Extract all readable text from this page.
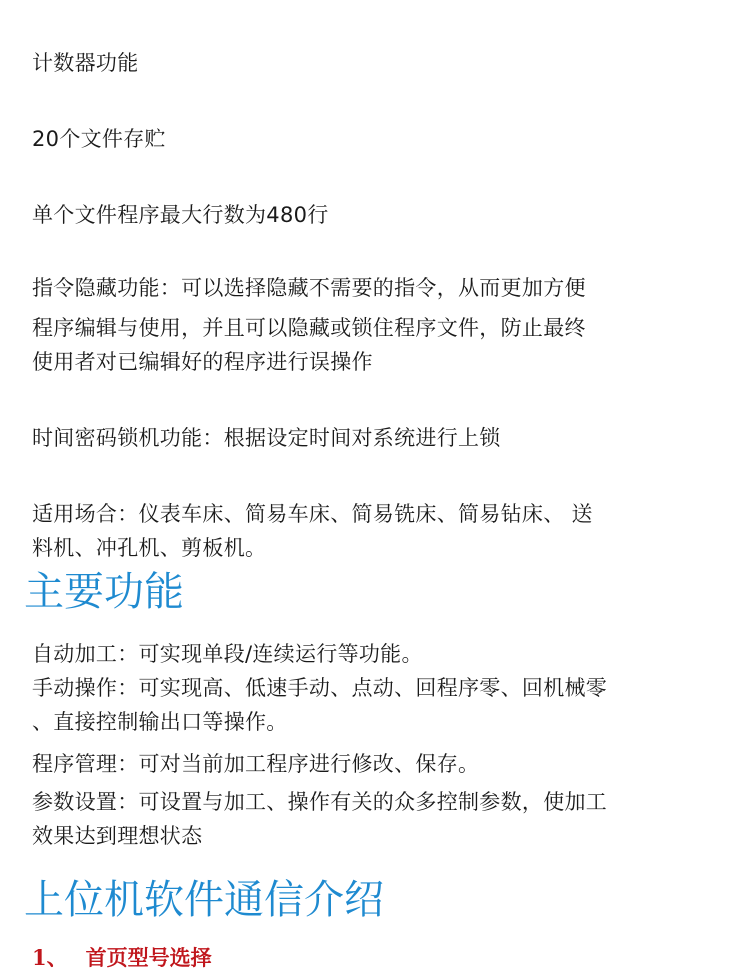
计数器功能

20个文件存贮

单个文件程序最大行数为480行

指令隐藏功能：可以选择隐藏不需要的指令，从而更加方便

程序编辑与使用，并且可以隐藏或锁住程序文件，防止最终

使用者对已编辑好的程序进行误操作

时间密码锁机功能：根据设定时间对系统进行上锁

适用场合：仪表车床、简易车床、简易铣床、简易钻床、 送

料机、冲孔机、剪板机。

主要功能

自动加工：可实现单段/连续运行等功能。

手动操作：可实现高、低速手动、点动、回程序零、回机械零

、直接控制输出口等操作。

程序管理：可对当前加工程序进行修改、保存。

参数设置：可设置与加工、操作有关的众多控制参数，使加工

效果达到理想状态

上位机软件通信介绍

1、 首页型号选择
